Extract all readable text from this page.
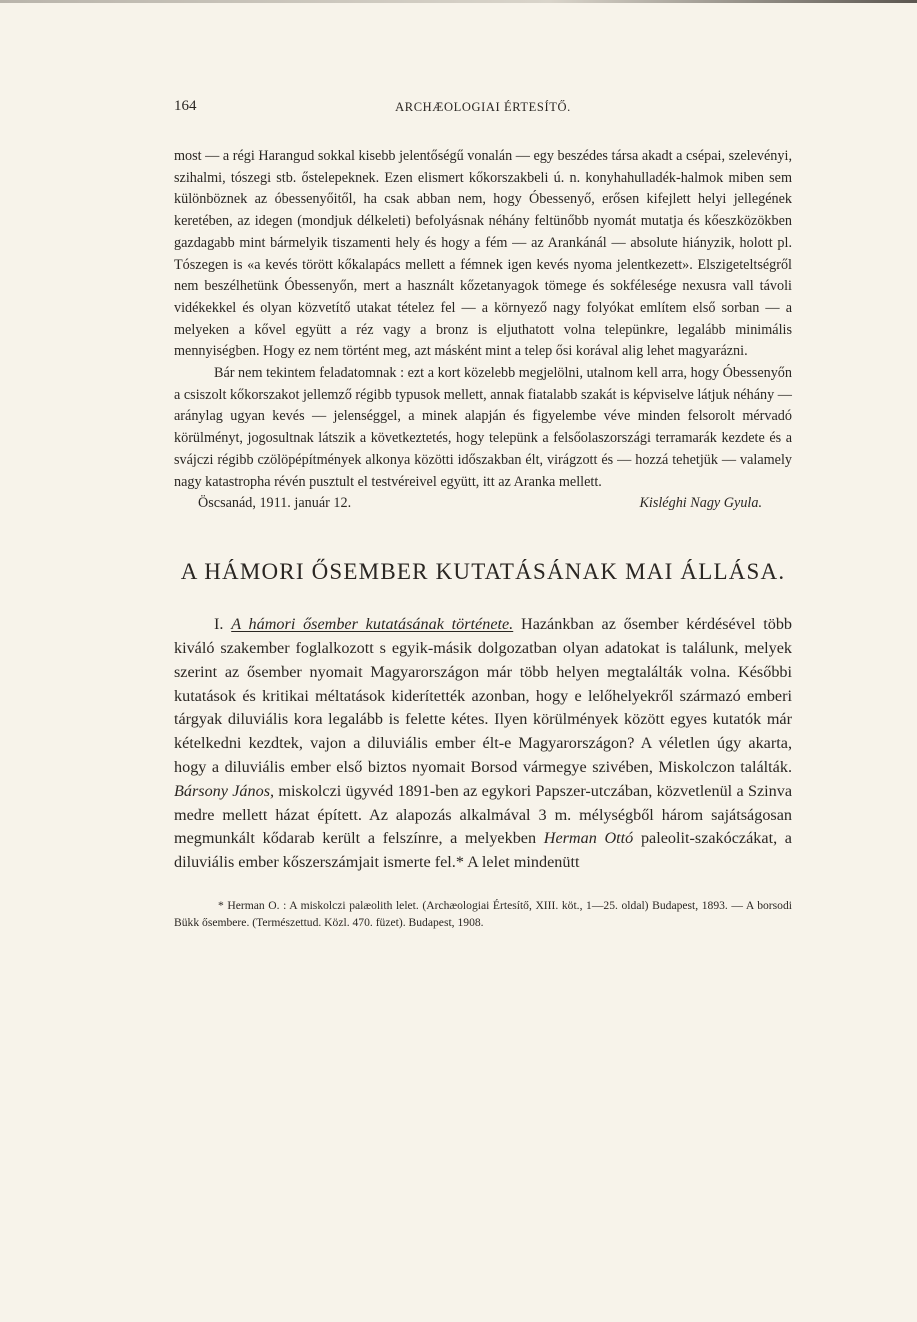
164	ARCHÆOLOGIAI ÉRTESÍTŐ.

most — a régi Harangud sokkal kisebb jelentőségű vonalán — egy beszédes társa akadt a csépai, szelevényi, szihalmi, tószegi stb. őstelepeknek. Ezen elismert kőkorszakbeli ú. n. konyhahulladék-halmok miben sem különböznek az óbessenyőitől, ha csak abban nem, hogy Óbessenyő, erősen kifejlett helyi jellegének keretében, az idegen (mondjuk délkeleti) befolyásnak néhány feltünőbb nyomát mutatja és kőeszközökben gazdagabb mint bármelyik tiszamenti hely és hogy a fém — az Arankánál — absolute hiányzik, holott pl. Tószegen is «a kevés törött kőkalapács mellett a fémnek igen kevés nyoma jelentkezett». Elszigeteltségről nem beszélhetünk Óbessenyőn, mert a használt kőzetanyagok tömege és sokfélesége nexusra vall távoli vidékekkel és olyan közvetítő utakat tételez fel — a környező nagy folyókat említem első sorban — a melyeken a kővel együtt a réz vagy a bronz is eljuthatott volna telepünkre, legalább minimális mennyiségben. Hogy ez nem történt meg, azt másként mint a telep ősi korával alig lehet magyarázni.

Bár nem tekintem feladatomnak : ezt a kort közelebb megjelölni, utalnom kell arra, hogy Óbessenyőn a csiszolt kőkorszakot jellemző régibb typusok mellett, annak fiatalabb szakát is képviselve látjuk néhány — aránylag ugyan kevés — jelenséggel, a minek alapján és figyelembe véve minden felsorolt mérvadó körülményt, jogosultnak látszik a következtetés, hogy telepünk a felsőolaszországi terramarák kezdete és a svájczi régibb czölöpépítmények alkonya közötti időszakban élt, virágzott és — hozzá tehetjük — valamely nagy katastropha révén pusztult el testvéreivel együtt, itt az Aranka mellett.

Öscsanád, 1911. január 12.	Kisléghi Nagy Gyula.
A HÁMORI ŐSEMBER KUTATÁSÁNAK MAI ÁLLÁSA.

I. A hámori ősember kutatásának története. Hazánkban az ősember kérdésével több kiváló szakember foglalkozott s egyik-másik dolgozatban olyan adatokat is találunk, melyek szerint az ősember nyomait Magyarországon már több helyen megtalálták volna. Későbbi kutatások és kritikai méltatások kiderítették azonban, hogy e lelőhelyekről származó emberi tárgyak diluviális kora legalább is felette kétes. Ilyen körülmények között egyes kutatók már kételkedni kezdtek, vajon a diluviális ember élt-e Magyarországon? A véletlen úgy akarta, hogy a diluviális ember első biztos nyomait Borsod vármegye szivében, Miskolczon találták. Bársony János, miskolczi ügyvéd 1891-ben az egykori Papszer-utczában, közvetlenül a Szinva medre mellett házat épített. Az alapozás alkalmával 3 m. mélységből három sajátságosan megmunkált kődarab került a felszínre, a melyekben Herman Ottó paleolit-szakóczákat, a diluviális ember kőszerszámjait ismerte fel.* A lelet mindenütt

* Herman O. : A miskolczi palæolith lelet. (Archæologiai Értesítő, XIII. köt., 1—25. oldal) Budapest, 1893. — A borsodi Bükk ősembere. (Természettud. Közl. 470. füzet). Budapest, 1908.
